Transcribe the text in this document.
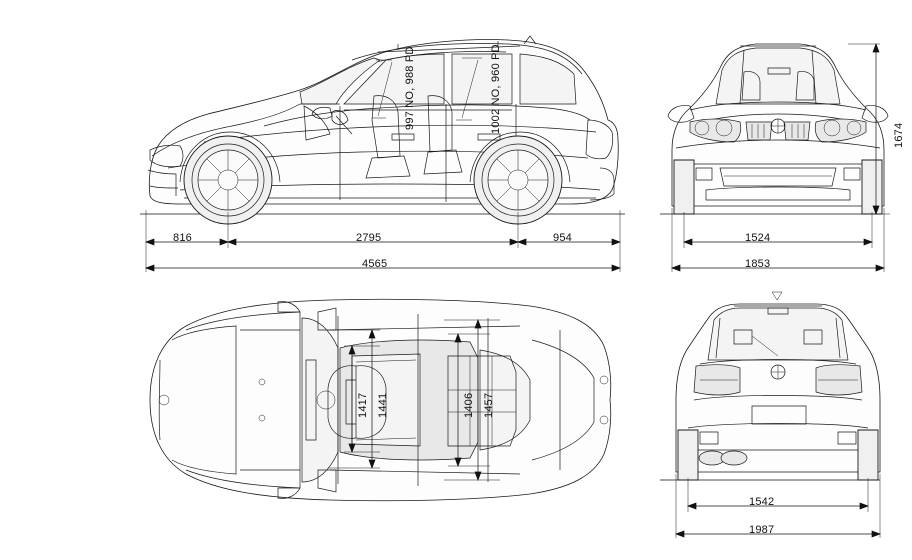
816	2795	954
4565
997 NO, 988 PD	1002 NO, 960 PD
1524
1853
1674
1417 1441	1406 1457
1542
1987
